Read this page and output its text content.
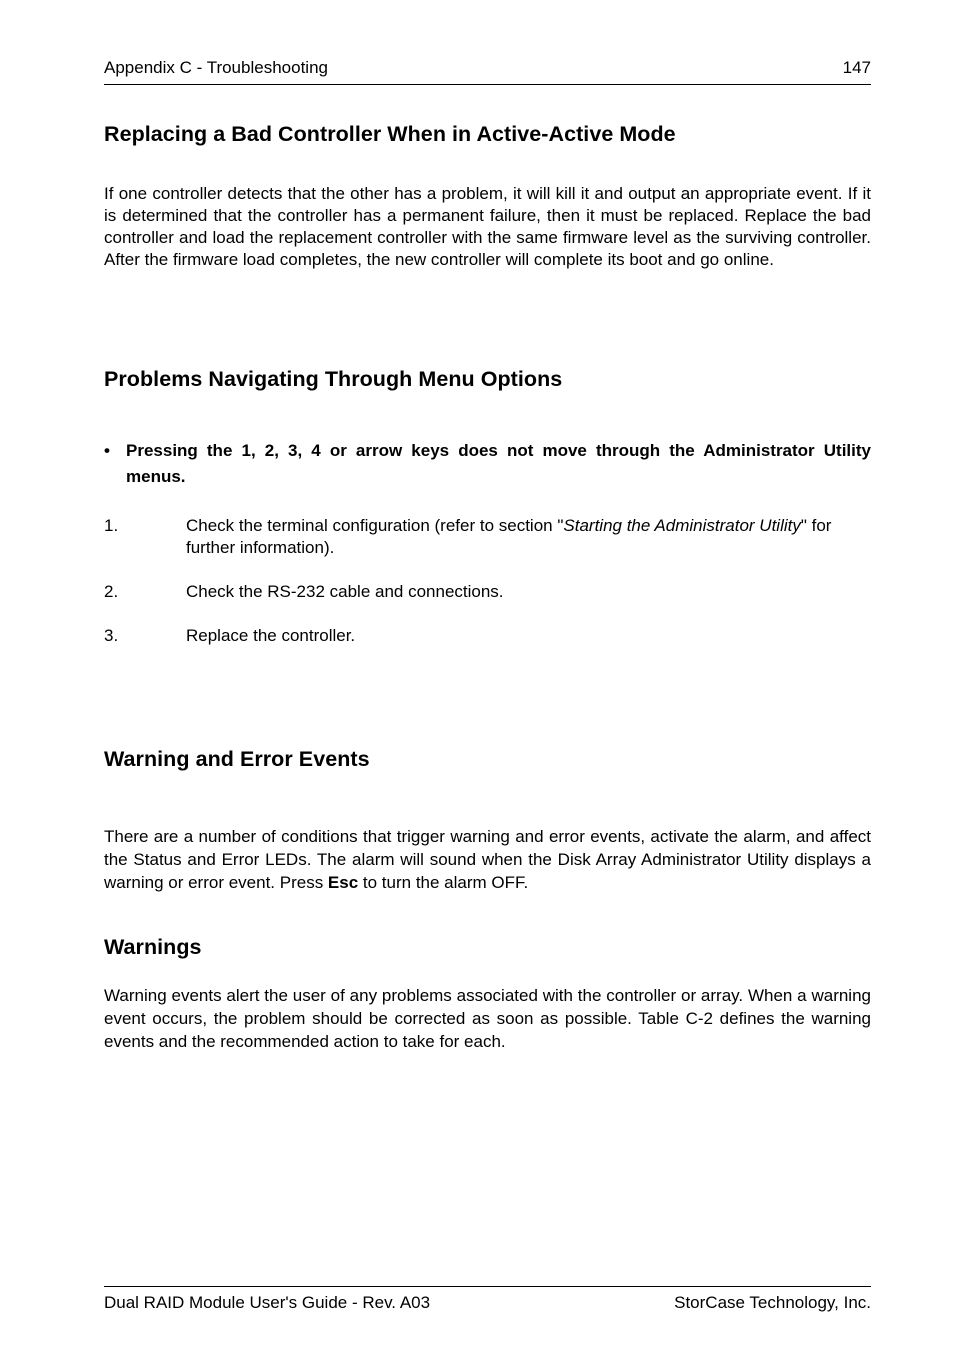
Appendix C - Troubleshooting	147
Replacing a Bad Controller When in Active-Active Mode
If one controller detects that the other has a problem, it will kill it and output an appropriate event. If it is determined that the controller has a permanent failure, then it must be replaced. Replace the bad controller and load the replacement controller with the same firmware level as the surviving controller. After the firmware load completes, the new controller will complete its boot and go online.
Problems Navigating Through Menu Options
• Pressing the 1, 2, 3, 4 or arrow keys does not move through the Administrator Utility menus.
1.	Check the terminal configuration (refer to section "Starting the Administrator Utility" for further information).
2.	Check the RS-232 cable and connections.
3.	Replace the controller.
Warning and Error Events
There are a number of conditions that trigger warning and error events, activate the alarm, and affect the Status and Error LEDs. The alarm will sound when the Disk Array Administrator Utility displays a warning or error event. Press Esc to turn the alarm OFF.
Warnings
Warning events alert the user of any problems associated with the controller or array. When a warning event occurs, the problem should be corrected as soon as possible. Table C-2 defines the warning events and the recommended action to take for each.
Dual RAID Module User's Guide - Rev. A03	StorCase Technology, Inc.
